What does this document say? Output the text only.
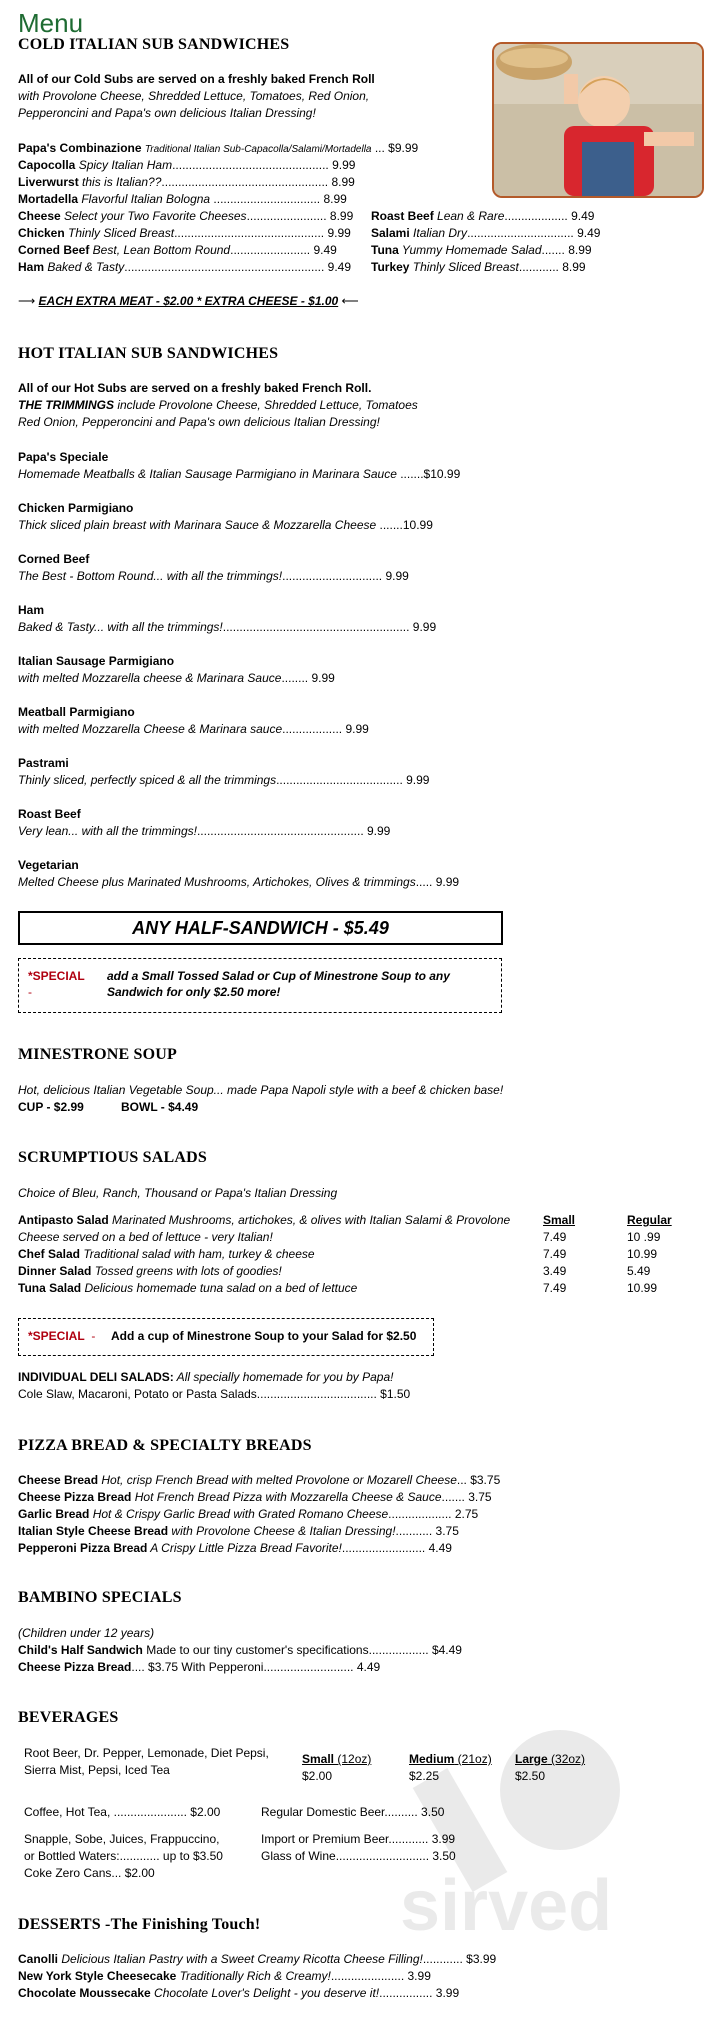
Menu
COLD ITALIAN SUB SANDWICHES
All of our Cold Subs are served on a freshly baked French Roll
with Provolone Cheese, Shredded Lettuce, Tomatoes, Red Onion,
Pepperoncini and Papa's own delicious Italian Dressing!
Papa's Combinazione Traditional Italian Sub-Capacolla/Salami/Mortadella ... $9.99
Capocolla Spicy Italian Ham............................................... 9.99
Liverwurst this is Italian??.................................................. 8.99
Mortadella Flavorful Italian Bologna ................................ 8.99
Cheese Select your Two Favorite Cheeses........................ 8.99
Chicken Thinly Sliced Breast............................................. 9.99
Corned Beef Best, Lean Bottom Round........................ 9.49
Ham Baked & Tasty............................................................ 9.49
Roast Beef Lean & Rare................... 9.49
Salami Italian Dry................................ 9.49
Tuna Yummy Homemade Salad....... 8.99
Turkey Thinly Sliced Breast............ 8.99
⟶ EACH EXTRA MEAT - $2.00 * EXTRA CHEESE - $1.00 ⟵
HOT ITALIAN SUB SANDWICHES
All of our Hot Subs are served on a freshly baked French Roll.
THE TRIMMINGS include Provolone Cheese, Shredded Lettuce, Tomatoes
Red Onion, Pepperoncini and Papa's own delicious Italian Dressing!
Papa's Speciale
Homemade Meatballs & Italian Sausage Parmigiano in Marinara Sauce .......$10.99
Chicken Parmigiano
Thick sliced plain breast with Marinara Sauce & Mozzarella Cheese .......10.99
Corned Beef
The Best - Bottom Round... with all the trimmings!.............................. 9.99
Ham
Baked & Tasty... with all the trimmings!........................................................ 9.99
Italian Sausage Parmigiano
with melted Mozzarella cheese & Marinara Sauce........ 9.99
Meatball Parmigiano
with melted Mozzarella Cheese & Marinara sauce.................. 9.99
Pastrami
Thinly sliced, perfectly spiced & all the trimmings...................................... 9.99
Roast Beef
Very lean... with all the trimmings!.................................................. 9.99
Vegetarian
Melted Cheese plus Marinated Mushrooms, Artichokes, Olives & trimmings..... 9.99
ANY HALF-SANDWICH - $5.49
*SPECIAL
-
add a Small Tossed Salad or Cup of Minestrone Soup to any
Sandwich for only $2.50 more!
MINESTRONE SOUP
Hot, delicious Italian Vegetable Soup... made Papa Napoli style with a beef & chicken base!
CUP - $2.99	BOWL - $4.49
SCRUMPTIOUS SALADS
Choice of Bleu, Ranch, Thousand or Papa's Italian Dressing
Small	Regular
Antipasto Salad Marinated Mushrooms, artichokes, & olives with Italian Salami & Provolone
Cheese served on a bed of lettuce - very Italian!	7.49	10 .99
Chef Salad Traditional salad with ham, turkey & cheese	7.49	10.99
Dinner Salad Tossed greens with lots of goodies!	3.49	5.49
Tuna Salad Delicious homemade tuna salad on a bed of lettuce	7.49	10.99
*SPECIAL - Add a cup of Minestrone Soup to your Salad for $2.50
INDIVIDUAL DELI SALADS: All specially homemade for you by Papa!
Cole Slaw, Macaroni, Potato or Pasta Salads.................................... $1.50
PIZZA BREAD & SPECIALTY BREADS
Cheese Bread Hot, crisp French Bread with melted Provolone or Mozarell Cheese... $3.75
Cheese Pizza Bread Hot French Bread Pizza with Mozzarella Cheese & Sauce....... 3.75
Garlic Bread Hot & Crispy Garlic Bread with Grated Romano Cheese................... 2.75
Italian Style Cheese Bread with Provolone Cheese & Italian Dressing!........... 3.75
Pepperoni Pizza Bread A Crispy Little Pizza Bread Favorite!......................... 4.49
BAMBINO SPECIALS
(Children under 12 years)
Child's Half Sandwich Made to our tiny customer's specifications.................. $4.49
Cheese Pizza Bread.... $3.75 With Pepperoni........................... 4.49
sirved
BEVERAGES
Root Beer, Dr. Pepper, Lemonade, Diet Pepsi,
Sierra Mist, Pepsi, Iced Tea
Small (12oz)
$2.00
Medium (21oz)
$2.25
Large (32oz)
$2.50
Coffee, Hot Tea, ...................... $2.00	Regular Domestic Beer.......... 3.50
Snapple, Sobe, Juices, Frappuccino,
or Bottled Waters:............ up to $3.50
Coke Zero Cans... $2.00
Import or Premium Beer............ 3.99
Glass of Wine............................ 3.50
DESSERTS -The Finishing Touch!
Canolli Delicious Italian Pastry with a Sweet Creamy Ricotta Cheese Filling!............ $3.99
New York Style Cheesecake Traditionally Rich & Creamy!...................... 3.99
Chocolate Moussecake Chocolate Lover's Delight - you deserve it!................ 3.99
